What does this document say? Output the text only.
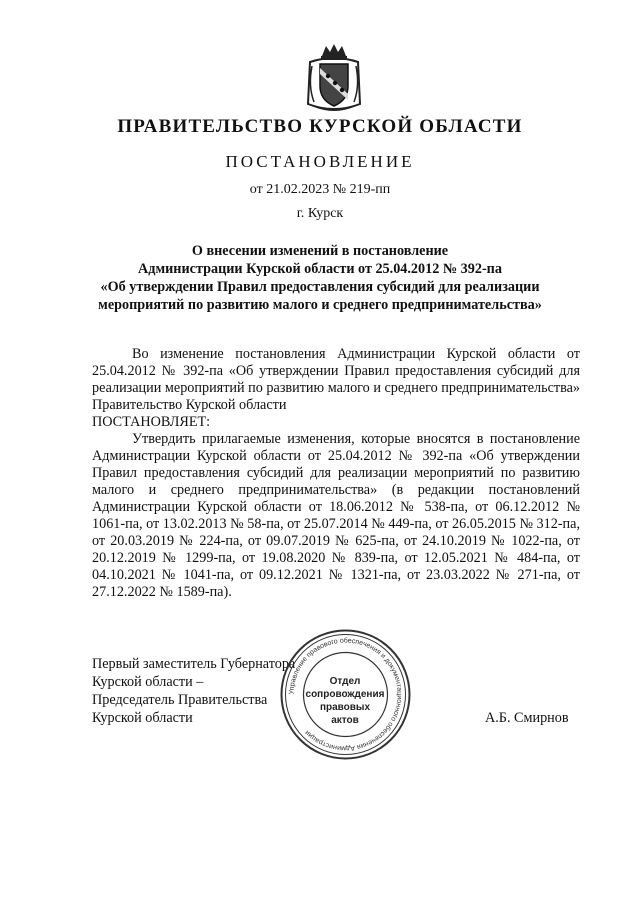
ПРАВИТЕЛЬСТВО КУРСКОЙ ОБЛАСТИ
ПОСТАНОВЛЕНИЕ
от 21.02.2023 № 219-пп
г. Курск
О внесении изменений в постановление
Администрации Курской области от 25.04.2012 № 392-па
«Об утверждении Правил предоставления субсидий для реализации
мероприятий по развитию малого и среднего предпринимательства»

Во изменение постановления Администрации Курской области от 25.04.2012 № 392-па «Об утверждении Правил предоставления субсидий для реализации мероприятий по развитию малого и среднего предпринимательства» Правительство Курской области
ПОСТАНОВЛЯЕТ:

Утвердить прилагаемые изменения, которые вносятся в постановление Администрации Курской области от 25.04.2012 № 392-па «Об утверждении Правил предоставления субсидий для реализации мероприятий по развитию малого и среднего предпринимательства» (в редакции постановлений Администрации Курской области от 18.06.2012 № 538-па, от 06.12.2012 № 1061-па, от 13.02.2013 № 58-па, от 25.07.2014 № 449-па, от 26.05.2015 № 312-па, от 20.03.2019 № 224-па, от 09.07.2019 № 625-па, от 24.10.2019 № 1022-па, от 20.12.2019 № 1299-па, от 19.08.2020 № 839-па, от 12.05.2021 № 484-па, от 04.10.2021 № 1041-па, от 09.12.2021 № 1321-па, от 23.03.2022 № 271-па, от 27.12.2022 № 1589-па).

Первый заместитель Губернатора
Курской области –
Председатель Правительства
Курской области
Управление правового обеспечения и документационного обеспечения Администрации
Отдел
сопровождения
правовых
актов	А.Б. Смирнов
